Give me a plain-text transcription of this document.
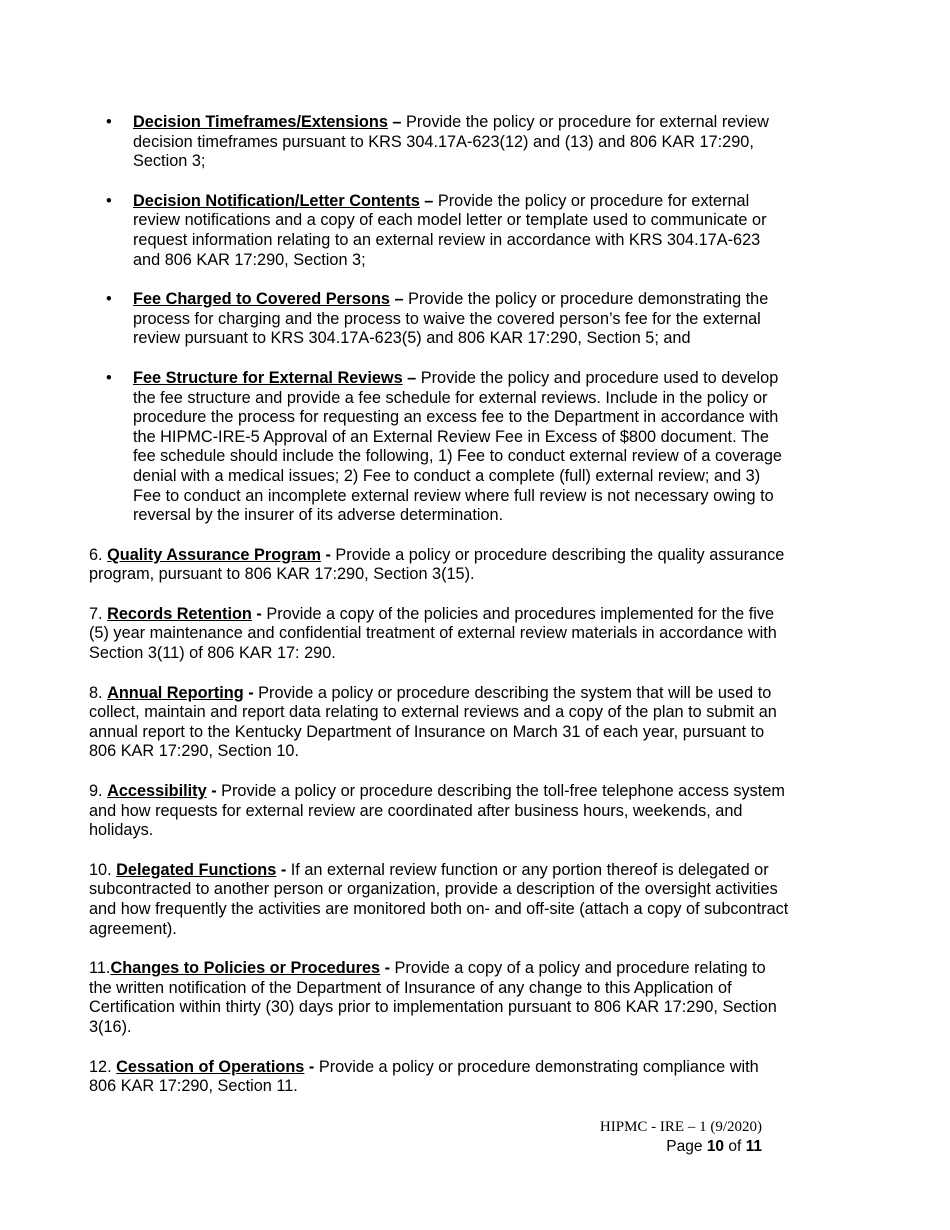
• Decision Timeframes/Extensions – Provide the policy or procedure for external review decision timeframes pursuant to KRS 304.17A-623(12) and (13) and 806 KAR 17:290, Section 3;
• Decision Notification/Letter Contents – Provide the policy or procedure for external review notifications and a copy of each model letter or template used to communicate or request information relating to an external review in accordance with KRS 304.17A-623 and 806 KAR 17:290, Section 3;
• Fee Charged to Covered Persons – Provide the policy or procedure demonstrating the process for charging and the process to waive the covered person’s fee for the external review pursuant to KRS 304.17A-623(5) and 806 KAR 17:290, Section 5; and
• Fee Structure for External Reviews – Provide the policy and procedure used to develop the fee structure and provide a fee schedule for external reviews. Include in the policy or procedure the process for requesting an excess fee to the Department in accordance with the HIPMC-IRE-5 Approval of an External Review Fee in Excess of $800 document. The fee schedule should include the following, 1) Fee to conduct external review of a coverage denial with a medical issues; 2) Fee to conduct a complete (full) external review; and 3) Fee to conduct an incomplete external review where full review is not necessary owing to reversal by the insurer of its adverse determination.

6. Quality Assurance Program - Provide a policy or procedure describing the quality assurance program, pursuant to 806 KAR 17:290, Section 3(15).

7. Records Retention - Provide a copy of the policies and procedures implemented for the five (5) year maintenance and confidential treatment of external review materials in accordance with Section 3(11) of 806 KAR 17: 290.

8. Annual Reporting - Provide a policy or procedure describing the system that will be used to collect, maintain and report data relating to external reviews and a copy of the plan to submit an annual report to the Kentucky Department of Insurance on March 31 of each year, pursuant to 806 KAR 17:290, Section 10.

9. Accessibility - Provide a policy or procedure describing the toll-free telephone access system and how requests for external review are coordinated after business hours, weekends, and holidays.

10. Delegated Functions - If an external review function or any portion thereof is delegated or subcontracted to another person or organization, provide a description of the oversight activities and how frequently the activities are monitored both on- and off-site (attach a copy of subcontract agreement).

11.Changes to Policies or Procedures - Provide a copy of a policy and procedure relating to the written notification of the Department of Insurance of any change to this Application of Certification within thirty (30) days prior to implementation pursuant to 806 KAR 17:290, Section 3(16).

12. Cessation of Operations - Provide a policy or procedure demonstrating compliance with 806 KAR 17:290, Section 11.

HIPMC - IRE – 1 (9/2020)
Page 10 of 11
